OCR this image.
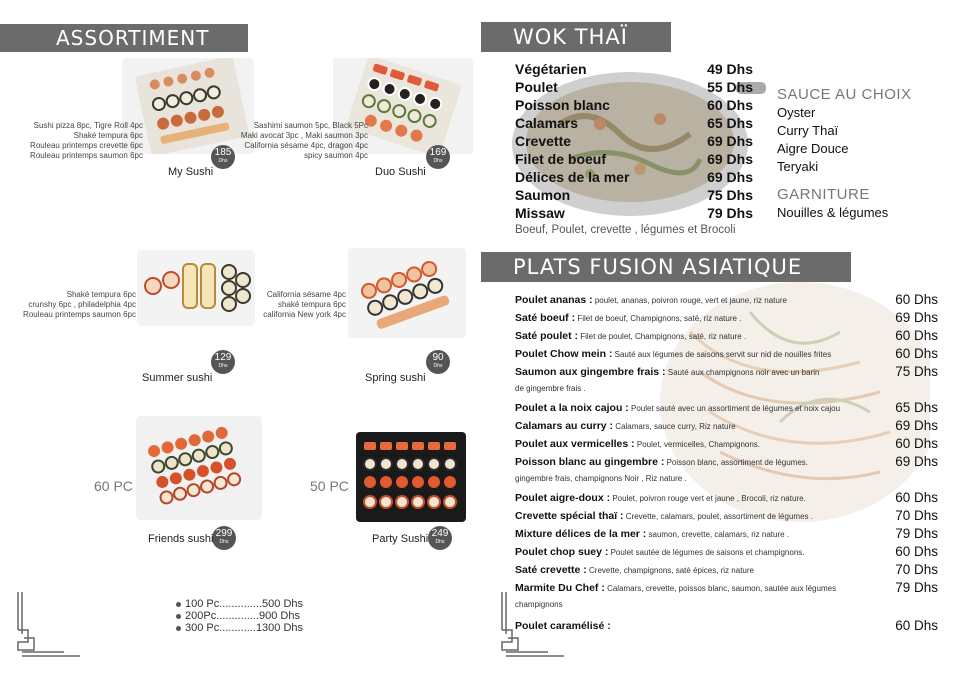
ASSORTIMENT
Sushi pizza 8pc, Tigre Roll 4pc
Shaké tempura 6pc
Rouleau printemps crevette 6pc
Rouleau printemps saumon 6pc	185
Dhs
My Sushi
Sashimi saumon 5pc, Black 5Pc
Maki avocat 3pc , Maki saumon 3pc
California sésame 4pc, dragon 4pc
spicy saumon 4pc	169
Dhs
Duo Sushi
Shaké tempura 6pc
crunshy 6pc , philadelphia 4pc
Rouleau printemps saumon 6pc
129
Dhs
Summer sushi
California sésame 4pc
shaké tempura 6pc
california New york 4pc
90
Dhs
Spring sushi
60 PC
299
Dhs
Friends sushi
50 PC
249
Dhs
Party Sushi
100 Pc..............500 Dhs
200Pc..............900 Dhs
300 Pc............1300 Dhs
WOK THAÏ
Végétarien	49 Dhs
Poulet	55 Dhs
Poisson blanc	60 Dhs
Calamars	65 Dhs
Crevette	69 Dhs
Filet de boeuf	69 Dhs
Délices de la mer	69 Dhs
Saumon	75 Dhs
Missaw	79 Dhs
Boeuf, Poulet, crevette , légumes et Brocoli
SAUCE AU CHOIX
Oyster
Curry Thaï
Aigre Douce
Teryaki
GARNITURE
Nouilles & légumes
PLATS FUSION ASIATIQUE
Poulet ananas : poulet, ananas, poivron rouge, vert et jaune, riz nature	60 Dhs
Saté boeuf : Filet de boeuf, Champignons, saté, riz nature .	69 Dhs
Saté poulet : Filet de poulet, Champignons, saté, riz nature .	60 Dhs
Poulet Chow mein : Sauté aux légumes de saisons servit sur nid de nouilles frites	60 Dhs
Saumon aux gingembre frais : Sauté aux champignons noir avec un barin
de gingembre frais .
75 Dhs
Poulet a la noix cajou : Poulet sauté avec un assortiment de légumes et noix cajou	65 Dhs
Calamars au curry : Calamars, sauce curry, Riz nature	69 Dhs
Poulet aux vermicelles : Poulet, vermicelles, Champignons.	60 Dhs
Poisson blanc au gingembre : Poisson blanc, assortiment de légumes.
gingembre frais, champignons Noir , Riz nature .
69 Dhs
Poulet aigre-doux : Poulet, poivron rouge vert et jaune , Brocoli, riz nature.	60 Dhs
Crevette spécial thaï : Crevette, calamars, poulet, assortiment de légumes .	70 Dhs
Mixture délices de la mer : saumon, crevette, calamars, riz nature .	79 Dhs
Poulet chop suey : Poulet sautée de légumes de saisons et champignons.	60 Dhs
Saté crevette : Crevette, champignons, saté épices, riz nature	70 Dhs
Marmite Du Chef : Calamars, crevette, poissos blanc, saumon, sautée aux légumes
champignons
79 Dhs
Poulet caramélisé :	60 Dhs
